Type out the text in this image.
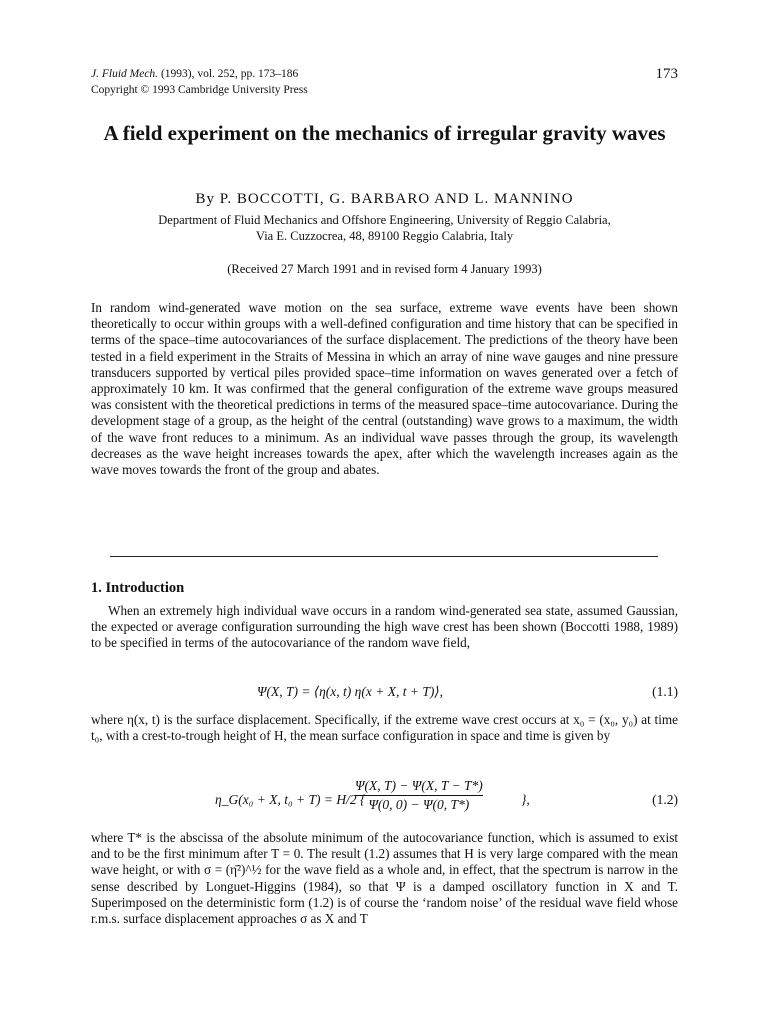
J. Fluid Mech. (1993), vol. 252, pp. 173–186
Copyright © 1993 Cambridge University Press
173
A field experiment on the mechanics of irregular gravity waves
By P. BOCCOTTI, G. BARBARO AND L. MANNINO
Department of Fluid Mechanics and Offshore Engineering, University of Reggio Calabria,
Via E. Cuzzocrea, 48, 89100 Reggio Calabria, Italy
(Received 27 March 1991 and in revised form 4 January 1993)
In random wind-generated wave motion on the sea surface, extreme wave events have been shown theoretically to occur within groups with a well-defined configuration and time history that can be specified in terms of the space–time autocovariances of the surface displacement. The predictions of the theory have been tested in a field experiment in the Straits of Messina in which an array of nine wave gauges and nine pressure transducers supported by vertical piles provided space–time information on waves generated over a fetch of approximately 10 km. It was confirmed that the general configuration of the extreme wave groups measured was consistent with the theoretical predictions in terms of the measured space–time autocovariance. During the development stage of a group, as the height of the central (outstanding) wave grows to a maximum, the width of the wave front reduces to a minimum. As an individual wave passes through the group, its wavelength decreases as the wave height increases towards the apex, after which the wavelength increases again as the wave moves towards the front of the group and abates.
1. Introduction
When an extremely high individual wave occurs in a random wind-generated sea state, assumed Gaussian, the expected or average configuration surrounding the high wave crest has been shown (Boccotti 1988, 1989) to be specified in terms of the autocovariance of the random wave field,
Ψ(X, T) = ⟨η(x, t) η(x + X, t + T)⟩,	(1.1)
where η(x, t) is the surface displacement. Specifically, if the extreme wave crest occurs at x₀ = (x₀, y₀) at time t₀, with a crest-to-trough height of H, the mean surface configuration in space and time is given by
η_G(x₀ + X, t₀ + T) = H/2 {
Ψ(X, T) − Ψ(X, T − T*)
Ψ(0, 0) − Ψ(0, T*)	},	(1.2)
where T* is the abscissa of the absolute minimum of the autocovariance function, which is assumed to exist and to be the first minimum after T = 0. The result (1.2) assumes that H is very large compared with the mean wave height, or with σ = (η̄²)^½ for the wave field as a whole and, in effect, that the spectrum is narrow in the sense described by Longuet-Higgins (1984), so that Ψ is a damped oscillatory function in X and T. Superimposed on the deterministic form (1.2) is of course the ‘random noise’ of the residual wave field whose r.m.s. surface displacement approaches σ as X and T
